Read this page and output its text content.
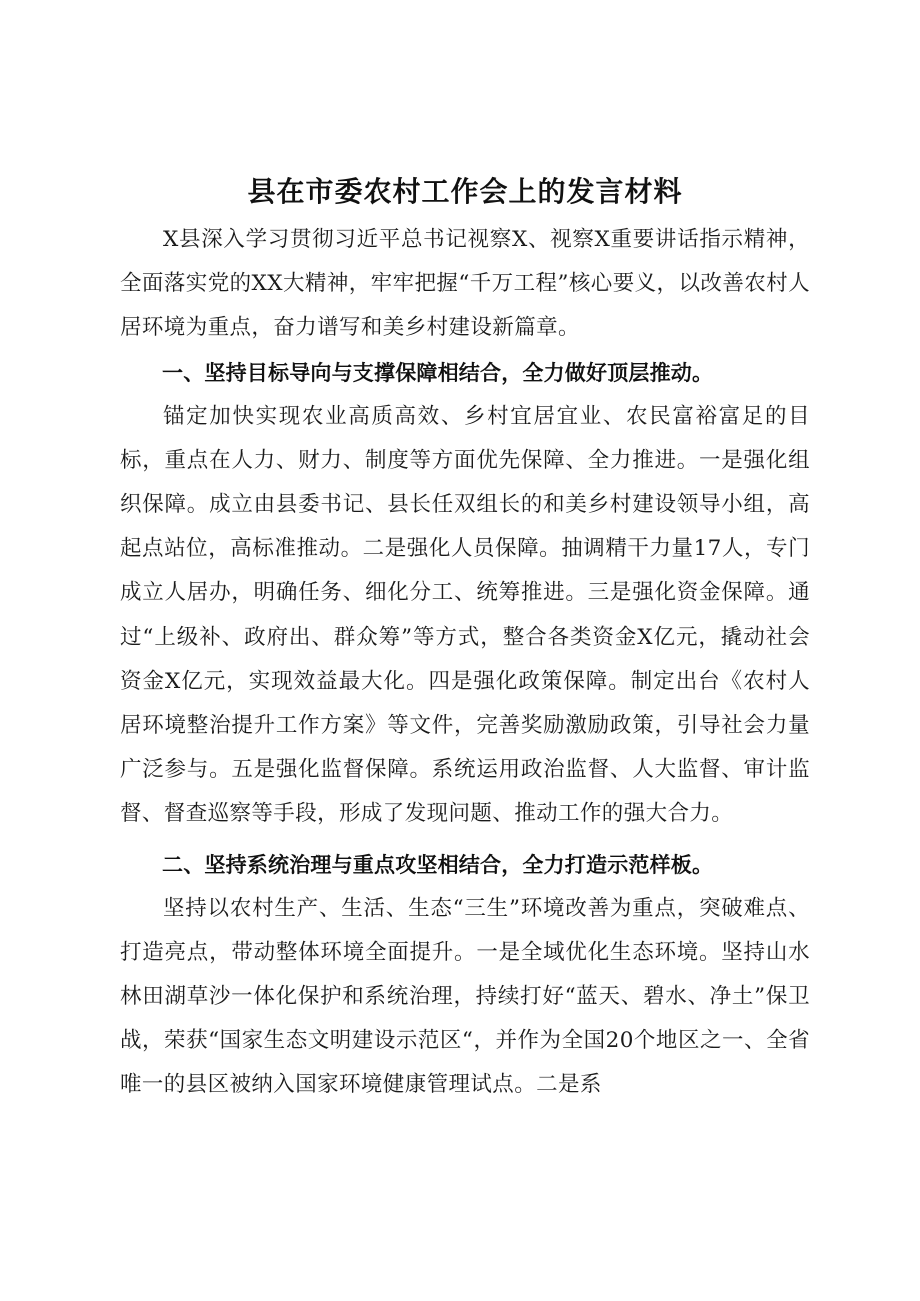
县在市委农村工作会上的发言材料

X县深入学习贯彻习近平总书记视察X、视察X重要讲话指示精神，全面落实党的XX大精神，牢牢把握“千万工程”核心要义，以改善农村人居环境为重点，奋力谱写和美乡村建设新篇章。

一、坚持目标导向与支撑保障相结合，全力做好顶层推动。

锚定加快实现农业高质高效、乡村宜居宜业、农民富裕富足的目标，重点在人力、财力、制度等方面优先保障、全力推进。一是强化组织保障。成立由县委书记、县长任双组长的和美乡村建设领导小组，高起点站位，高标准推动。二是强化人员保障。抽调精干力量17人，专门成立人居办，明确任务、细化分工、统筹推进。三是强化资金保障。通过“上级补、政府出、群众筹”等方式，整合各类资金X亿元，撬动社会资金X亿元，实现效益最大化。四是强化政策保障。制定出台《农村人居环境整治提升工作方案》等文件，完善奖励激励政策，引导社会力量广泛参与。五是强化监督保障。系统运用政治监督、人大监督、审计监督、督查巡察等手段，形成了发现问题、推动工作的强大合力。

二、坚持系统治理与重点攻坚相结合，全力打造示范样板。

坚持以农村生产、生活、生态“三生”环境改善为重点，突破难点、打造亮点，带动整体环境全面提升。一是全域优化生态环境。坚持山水林田湖草沙一体化保护和系统治理，持续打好“蓝天、碧水、净土”保卫战，荣获“国家生态文明建设示范区“，并作为全国20个地区之一、全省唯一的县区被纳入国家环境健康管理试点。二是系
